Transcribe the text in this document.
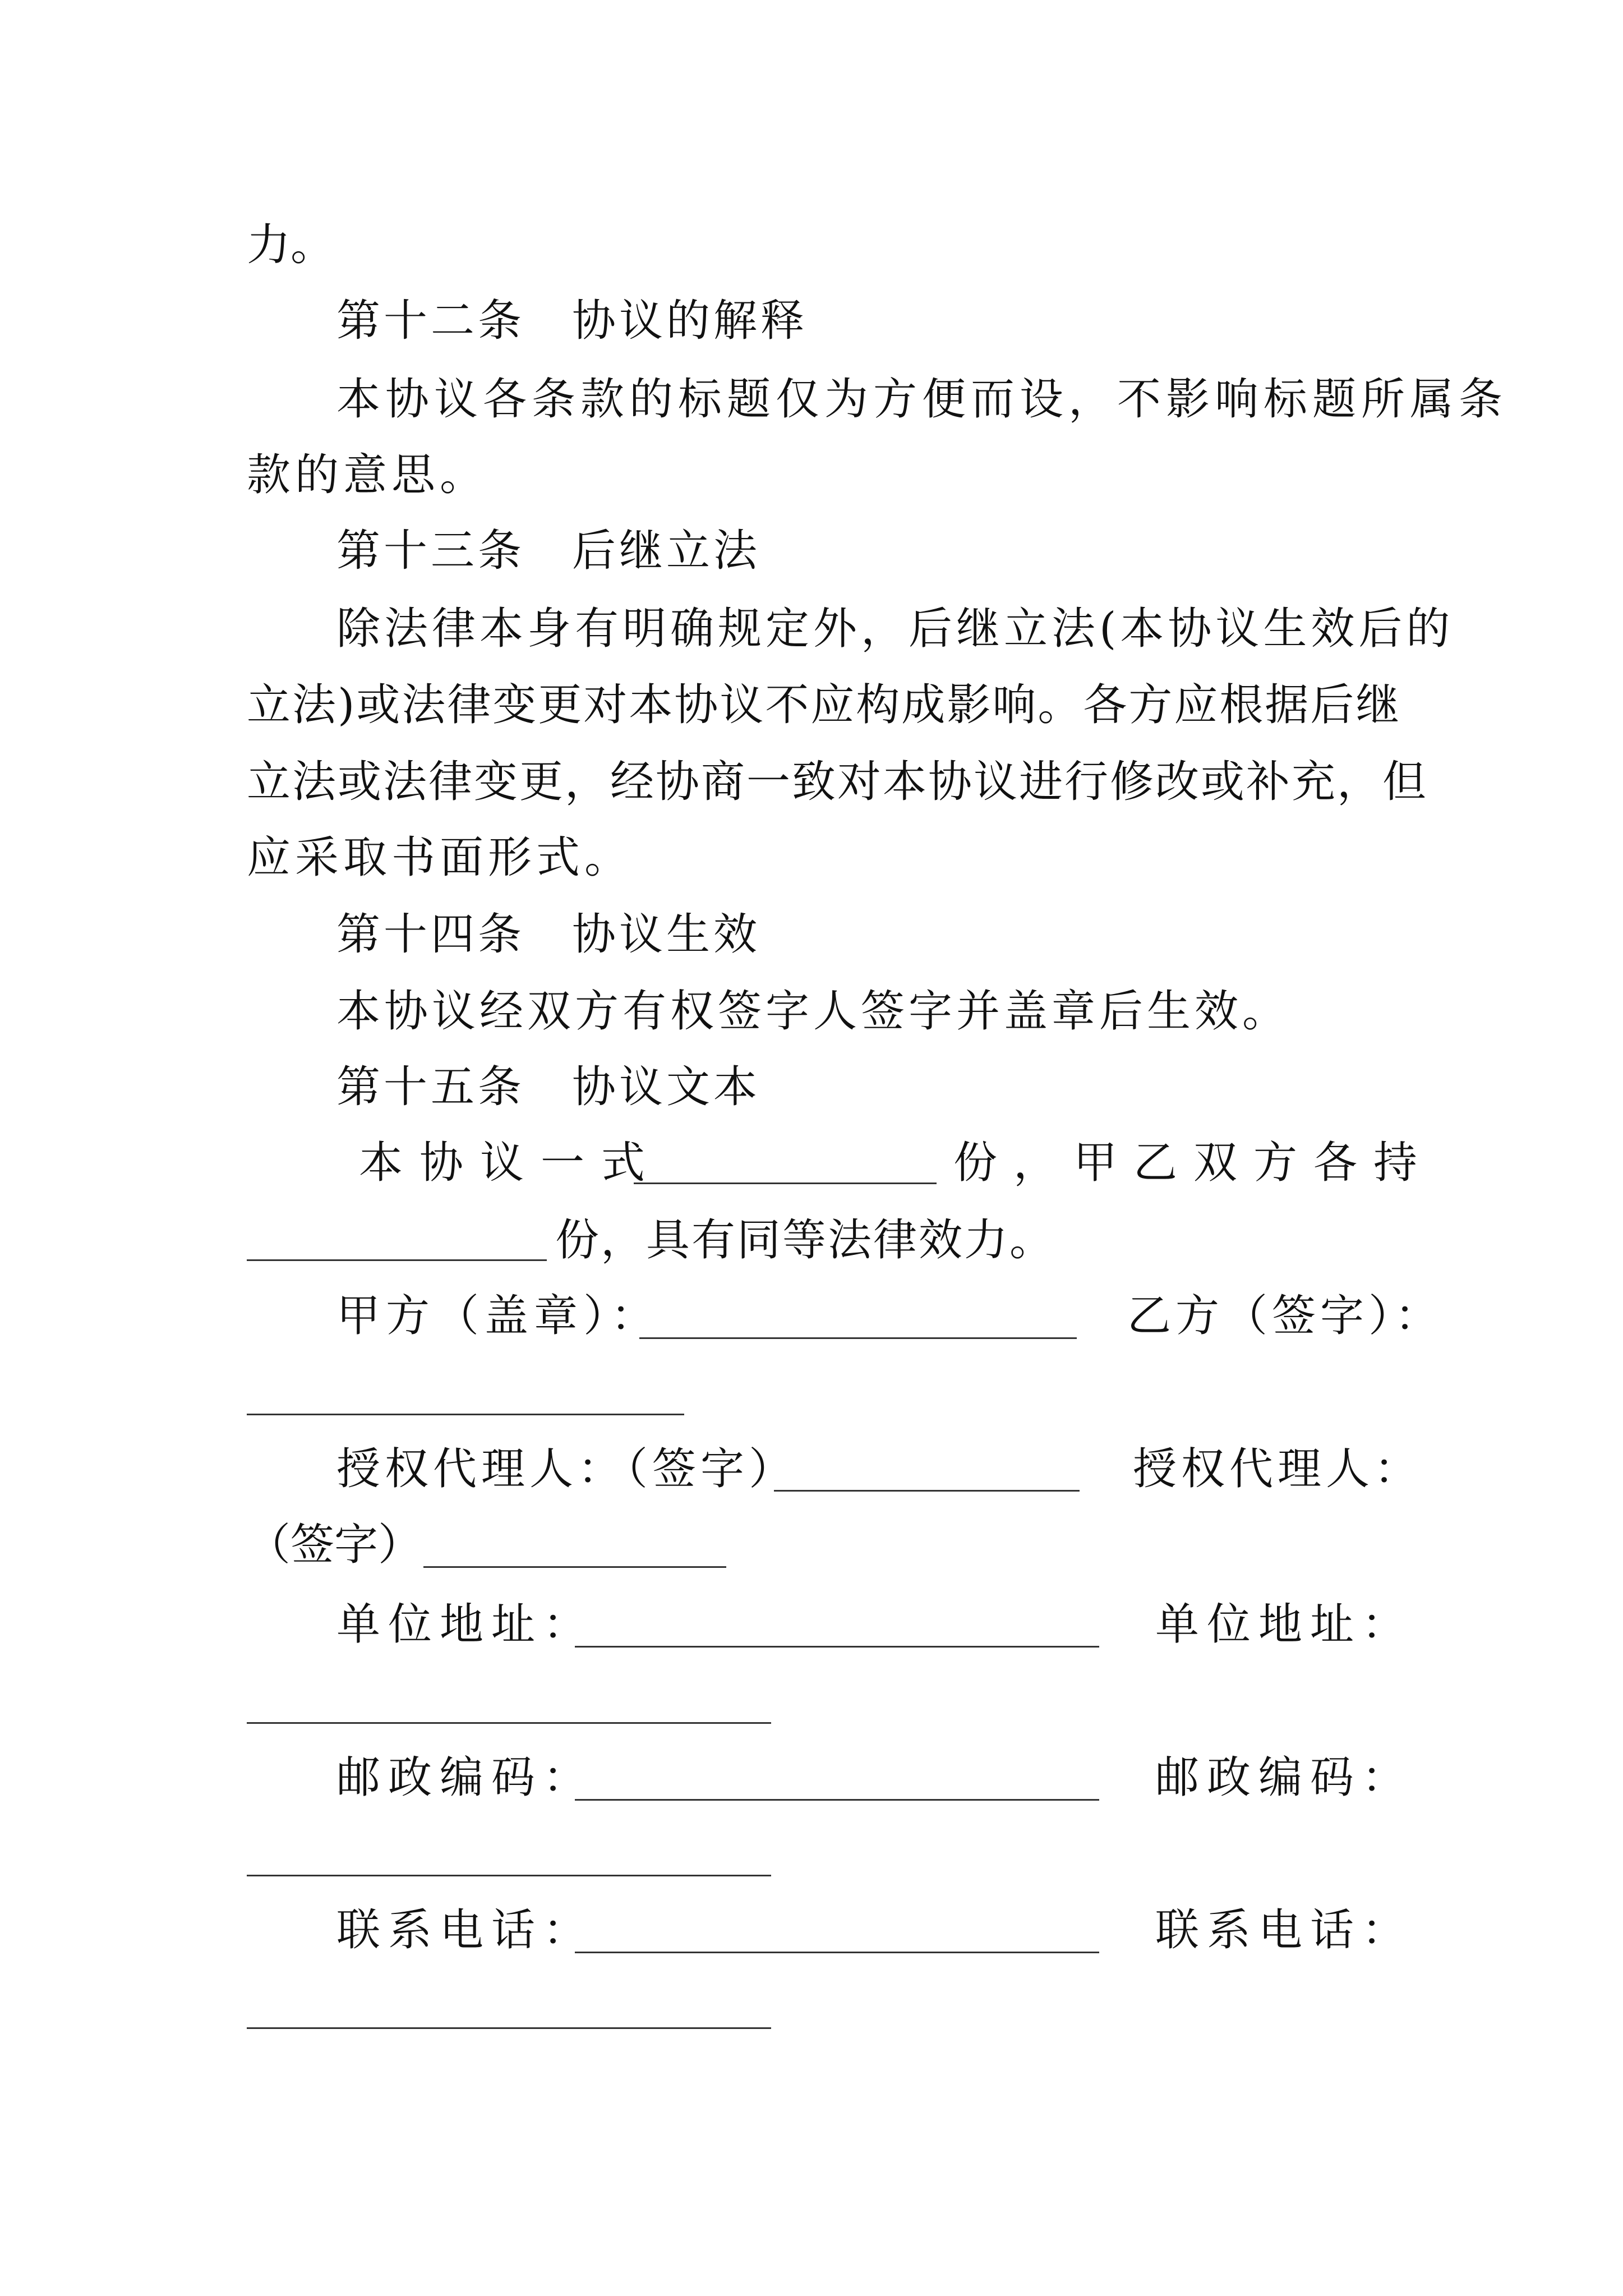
力。
第十二条　协议的解释
本协议各条款的标题仅为方便而设，不影响标题所属条
款的意思。
第十三条　后继立法
除法律本身有明确规定外，后继立法(本协议生效后的
立法)或法律变更对本协议不应构成影响。各方应根据后继
立法或法律变更，经协商一致对本协议进行修改或补充，但
应采取书面形式。
第十四条　协议生效
本协议经双方有权签字人签字并盖章后生效。
第十五条　协议文本
本协议一式	份，甲乙双方各持
份，具有同等法律效力。
甲方（盖章）：	乙方（签字）：
授权代理人：（签字）	授权代理人：
（签字）
单位地址：	单位地址：
邮政编码：	邮政编码：
联系电话：	联系电话：
